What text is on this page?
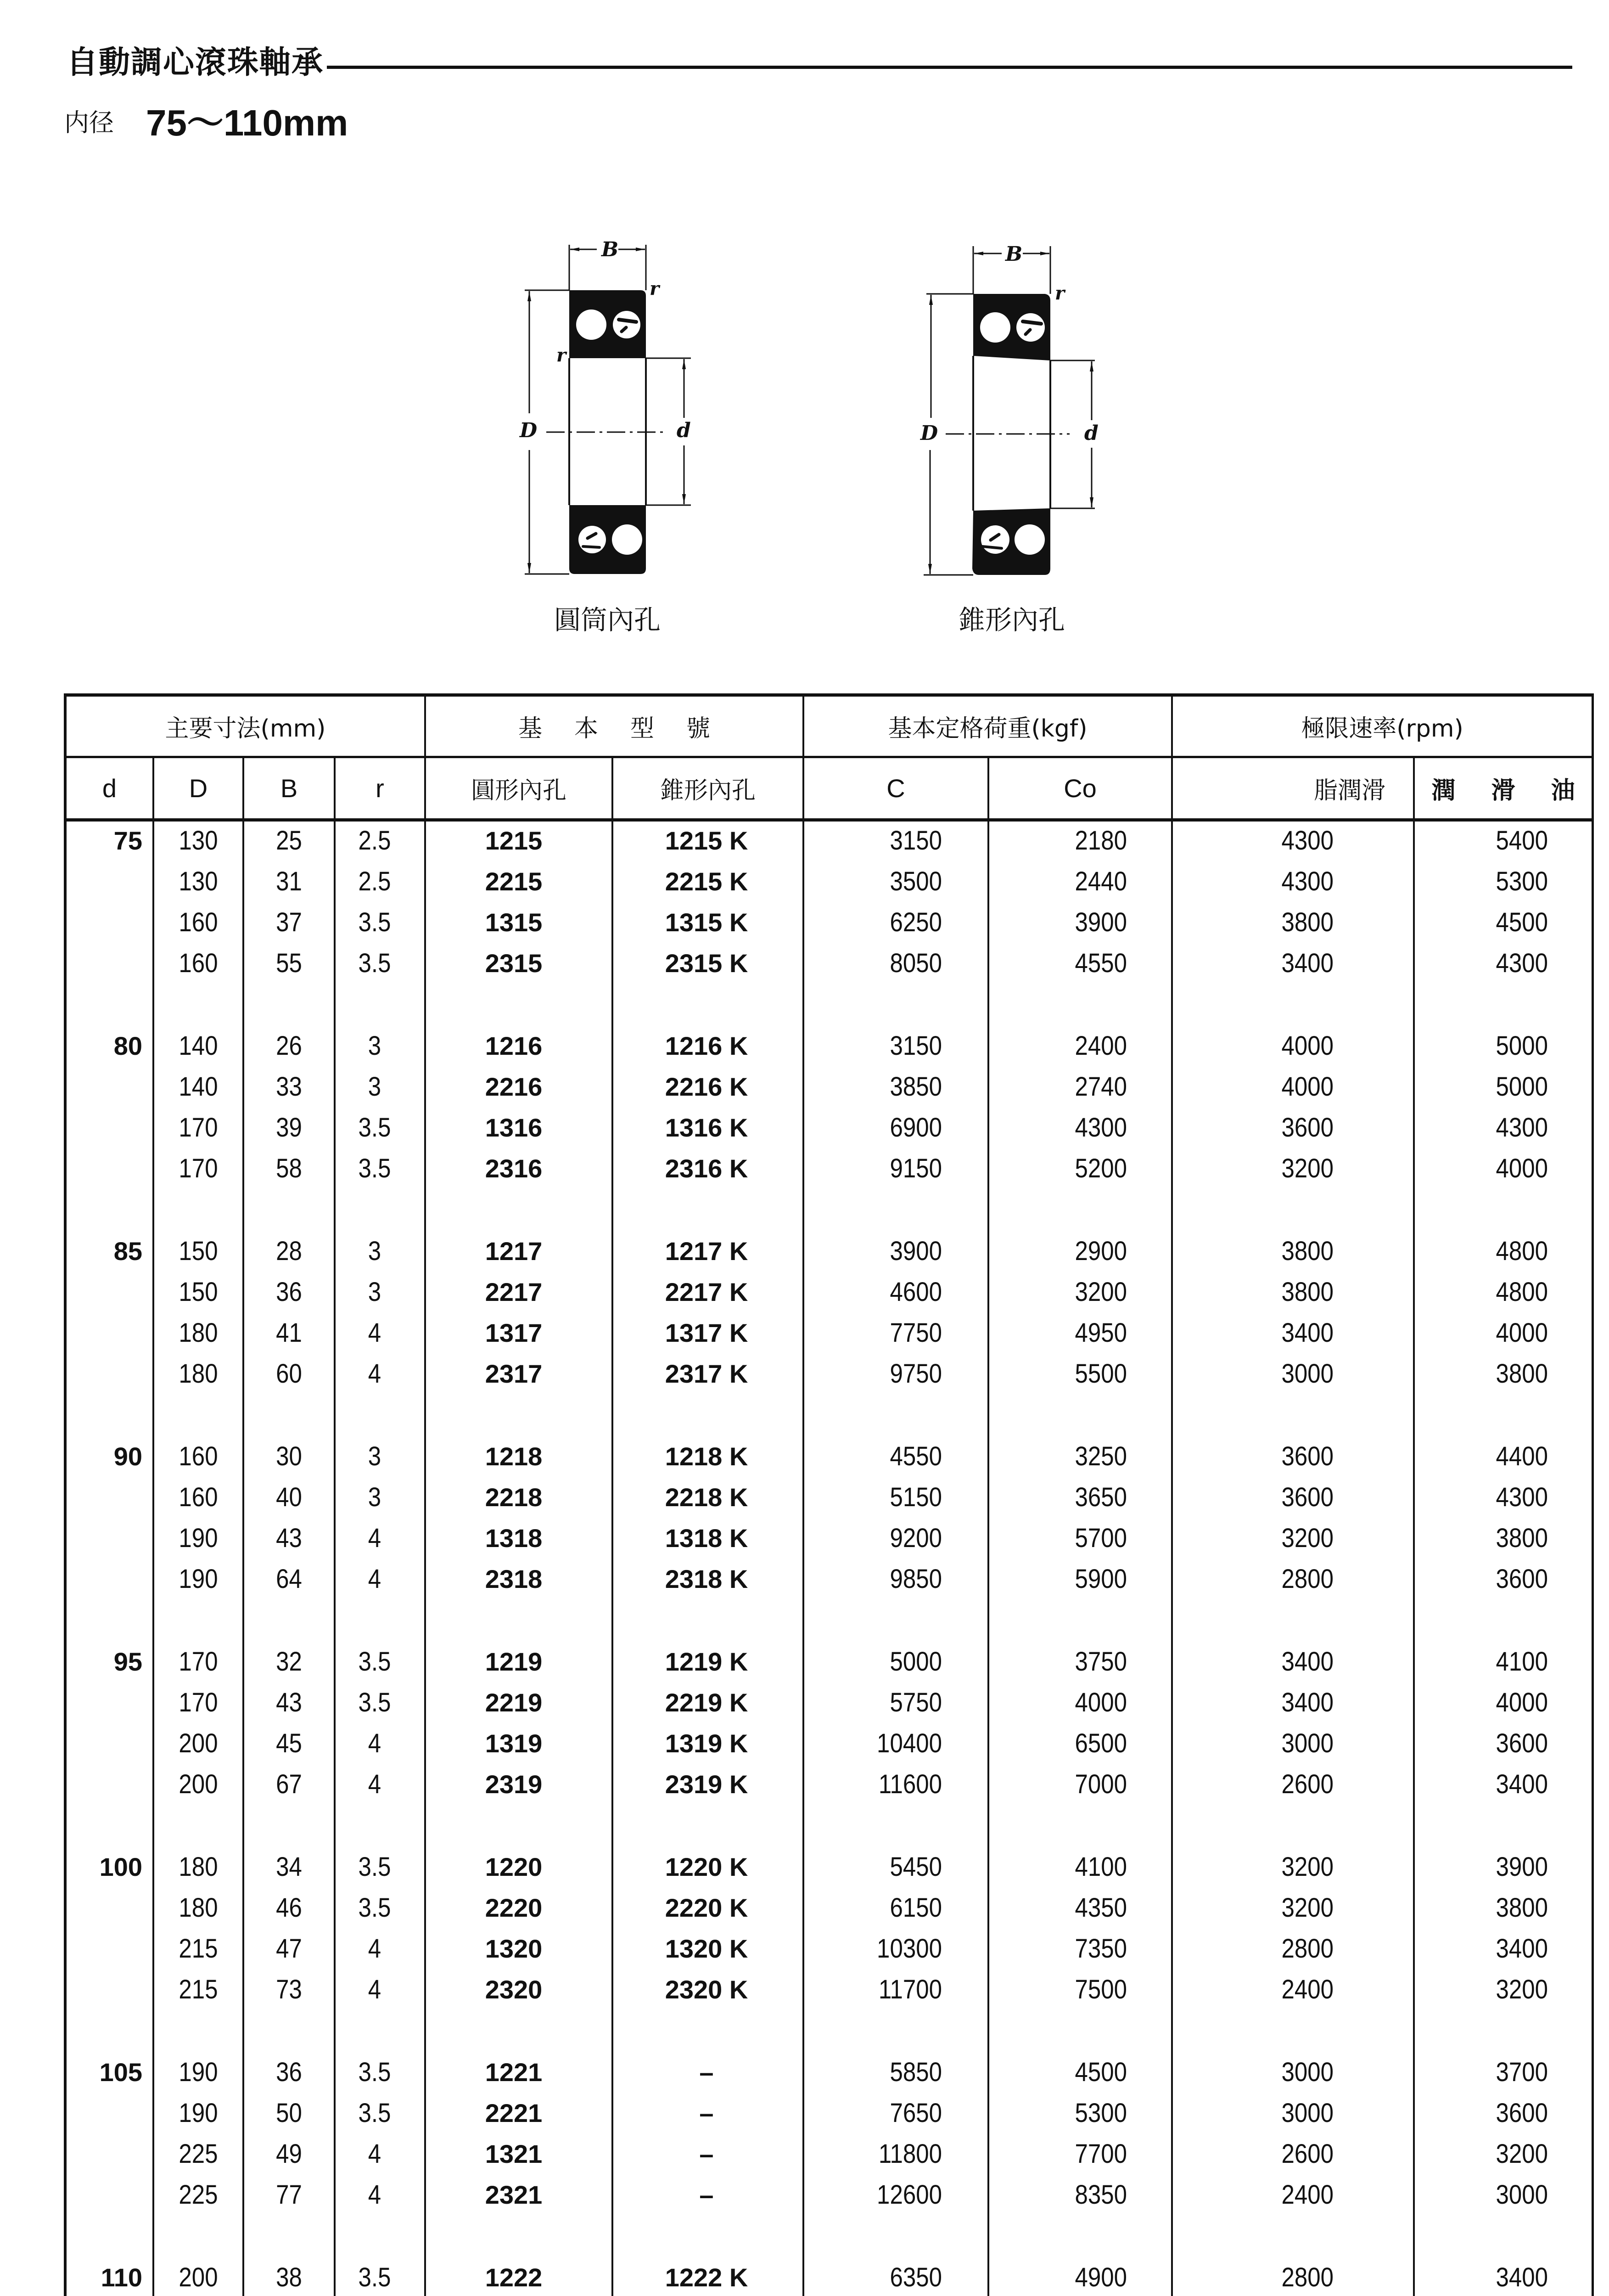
自動調心滾珠軸承
内径 75～110mm
B
r
r
D	d
圓筒內孔
B
r
D	d
錐形內孔
主要寸法(mm)	基本型號	基本定格荷重(kgf)	極限速率(rpm)
d	D	B	r	圓形內孔	錐形內孔	C	Co	脂潤滑	潤 滑 油
75	130	25	2.5	1215	1215 K	3150	2180	4300	5400
130	31	2.5	2215	2215 K	3500	2440	4300	5300
160	37	3.5	1315	1315 K	6250	3900	3800	4500
160	55	3.5	2315	2315 K	8050	4550	3400	4300
80	140	26	3	1216	1216 K	3150	2400	4000	5000
140	33	3	2216	2216 K	3850	2740	4000	5000
170	39	3.5	1316	1316 K	6900	4300	3600	4300
170	58	3.5	2316	2316 K	9150	5200	3200	4000
85	150	28	3	1217	1217 K	3900	2900	3800	4800
150	36	3	2217	2217 K	4600	3200	3800	4800
180	41	4	1317	1317 K	7750	4950	3400	4000
180	60	4	2317	2317 K	9750	5500	3000	3800
90	160	30	3	1218	1218 K	4550	3250	3600	4400
160	40	3	2218	2218 K	5150	3650	3600	4300
190	43	4	1318	1318 K	9200	5700	3200	3800
190	64	4	2318	2318 K	9850	5900	2800	3600
95	170	32	3.5	1219	1219 K	5000	3750	3400	4100
170	43	3.5	2219	2219 K	5750	4000	3400	4000
200	45	4	1319	1319 K	10400	6500	3000	3600
200	67	4	2319	2319 K	11600	7000	2600	3400
100	180	34	3.5	1220	1220 K	5450	4100	3200	3900
180	46	3.5	2220	2220 K	6150	4350	3200	3800
215	47	4	1320	1320 K	10300	7350	2800	3400
215	73	4	2320	2320 K	11700	7500	2400	3200
105	190	36	3.5	1221	–	5850	4500	3000	3700
190	50	3.5	2221	–	7650	5300	3000	3600
225	49	4	1321	–	11800	7700	2600	3200
225	77	4	2321	–	12600	8350	2400	3000
110	200	38	3.5	1222	1222 K	6350	4900	2800	3400
